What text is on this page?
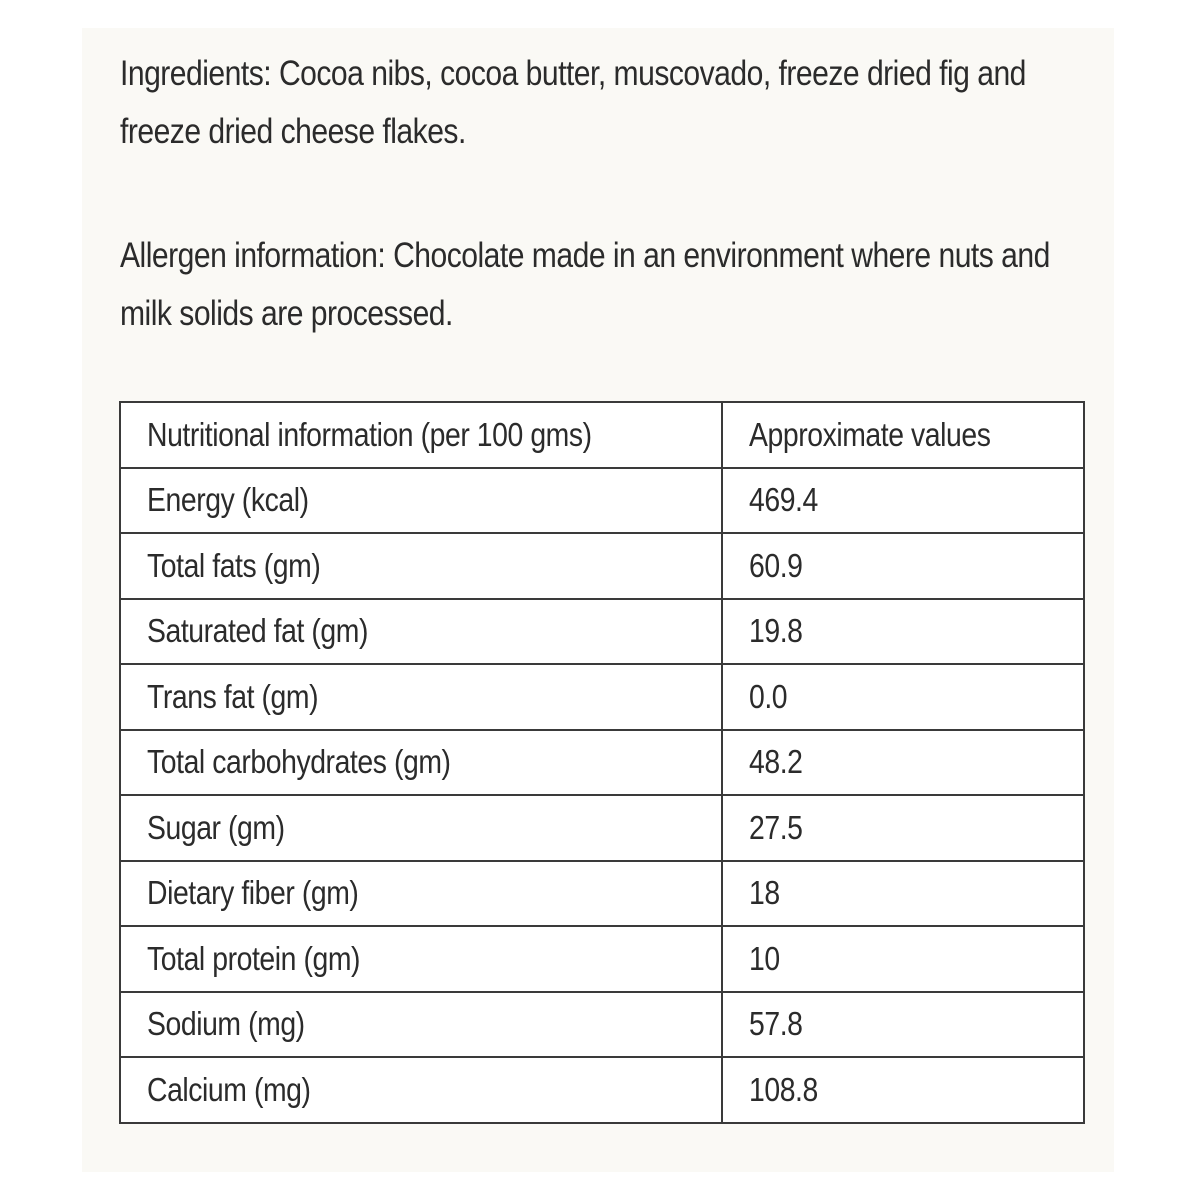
Ingredients: Cocoa nibs, cocoa butter, muscovado, freeze dried fig and freeze dried cheese flakes.

Allergen information: Chocolate made in an environment where nuts and milk solids are processed.

Nutritional information (per 100 gms)	Approximate values
Energy (kcal)	469.4
Total fats (gm)	60.9
Saturated fat (gm)	19.8
Trans fat (gm)	0.0
Total carbohydrates (gm)	48.2
Sugar (gm)	27.5
Dietary fiber (gm)	18
Total protein (gm)	10
Sodium (mg)	57.8
Calcium (mg)	108.8
